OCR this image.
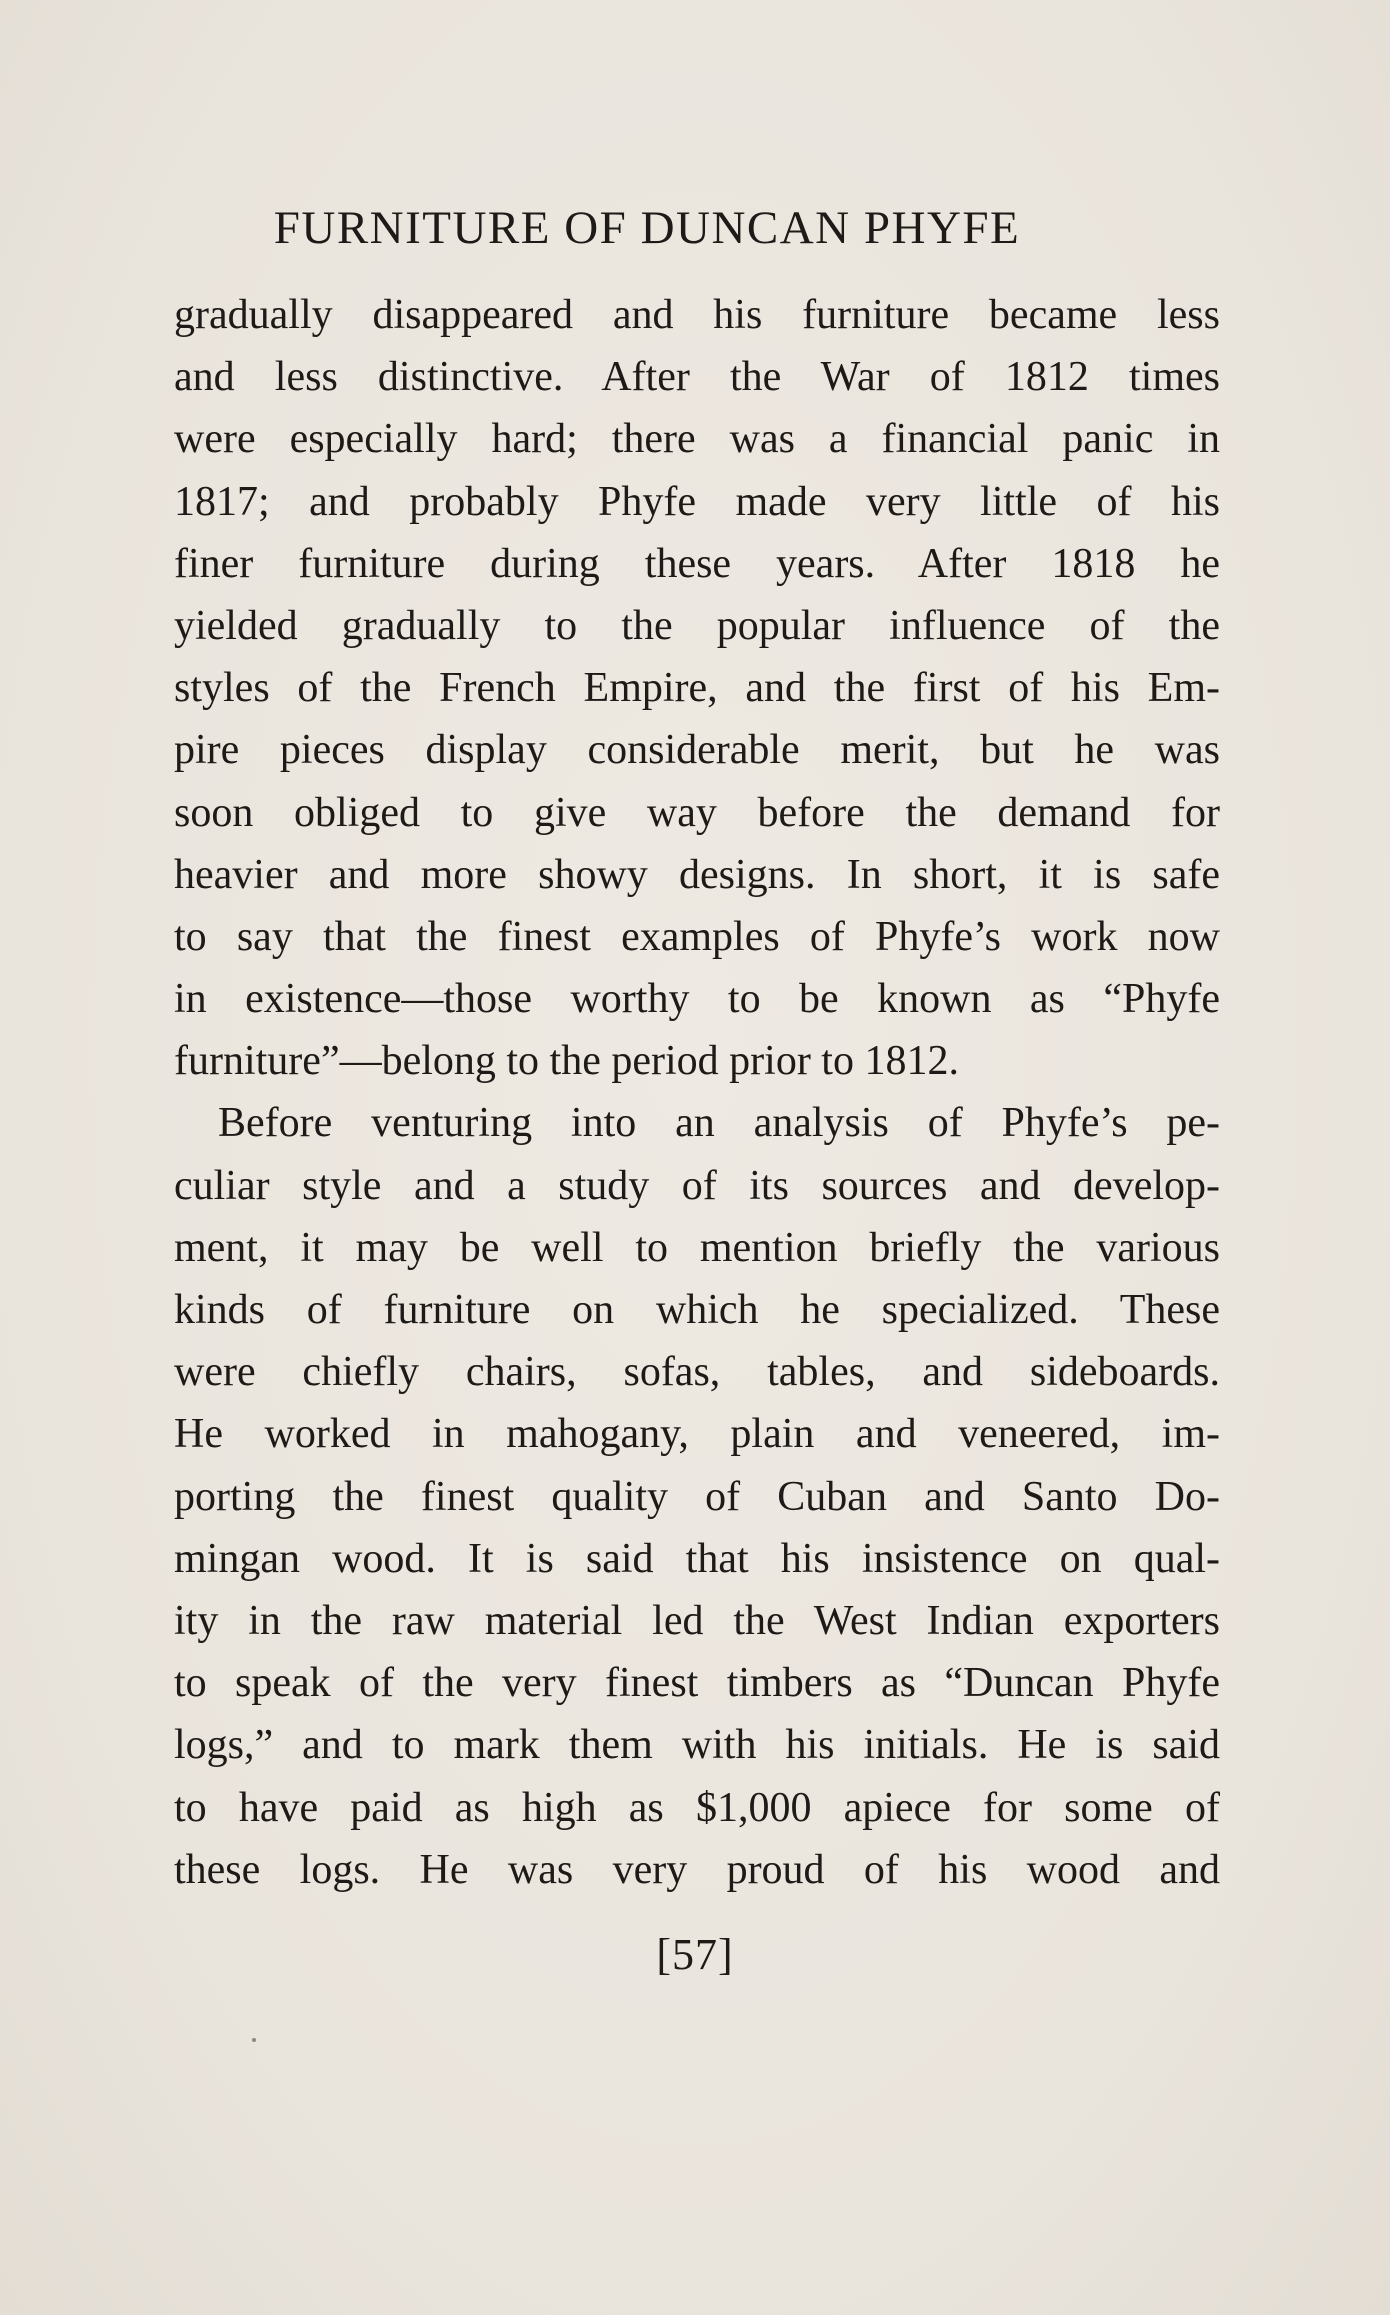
FURNITURE OF DUNCAN PHYFE
gradually disappeared and his furniture became less
and less distinctive. After the War of 1812 times
were especially hard; there was a financial panic in
1817; and probably Phyfe made very little of his
finer furniture during these years. After 1818 he
yielded gradually to the popular influence of the
styles of the French Empire, and the first of his Em-
pire pieces display considerable merit, but he was
soon obliged to give way before the demand for
heavier and more showy designs. In short, it is safe
to say that the finest examples of Phyfe’s work now
in existence—those worthy to be known as “Phyfe
furniture”—belong to the period prior to 1812.
Before venturing into an analysis of Phyfe’s pe-
culiar style and a study of its sources and develop-
ment, it may be well to mention briefly the various
kinds of furniture on which he specialized. These
were chiefly chairs, sofas, tables, and sideboards.
He worked in mahogany, plain and veneered, im-
porting the finest quality of Cuban and Santo Do-
mingan wood. It is said that his insistence on qual-
ity in the raw material led the West Indian exporters
to speak of the very finest timbers as “Duncan Phyfe
logs,” and to mark them with his initials. He is said
to have paid as high as $1,000 apiece for some of
these logs. He was very proud of his wood and
[57]
